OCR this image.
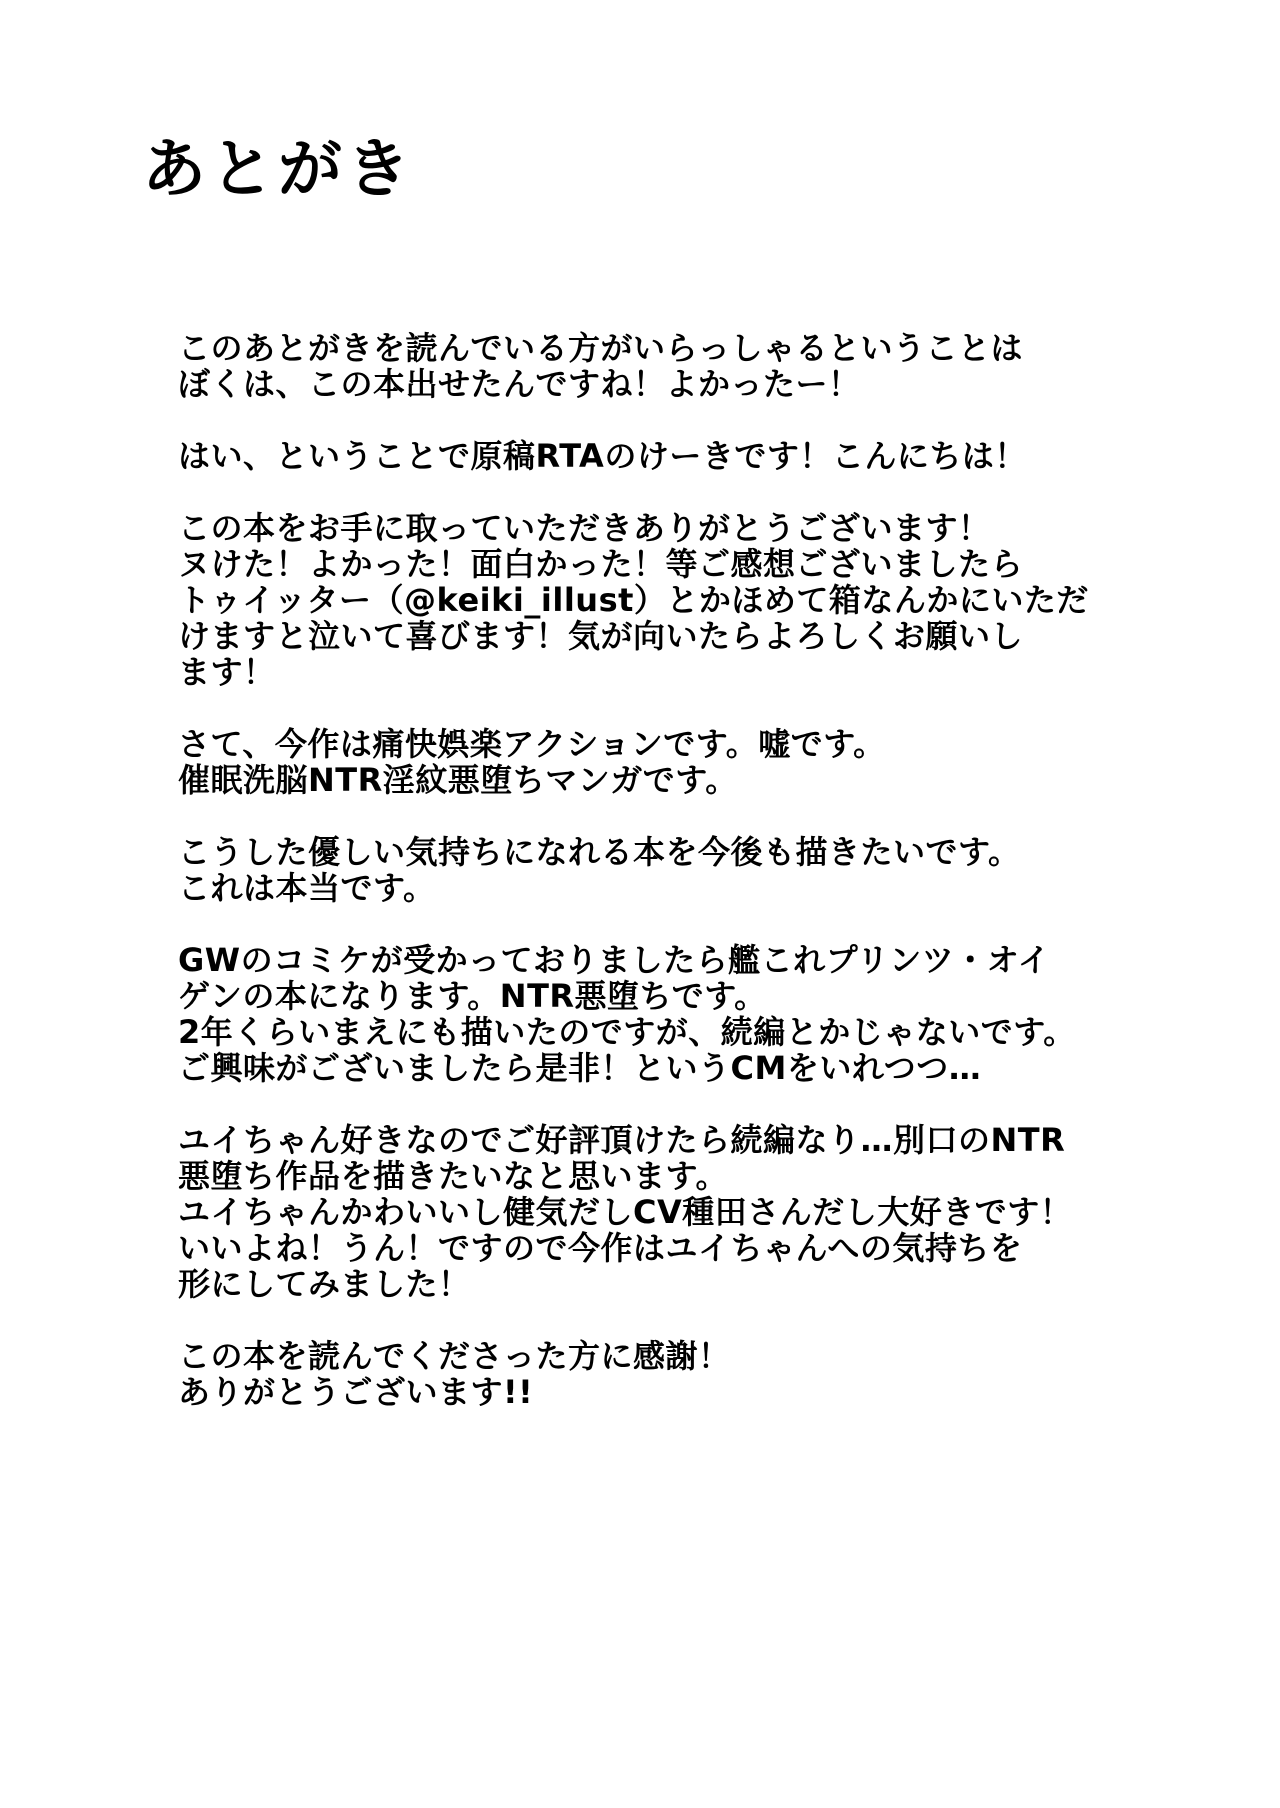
あとがき
このあとがきを読んでいる方がいらっしゃるということは
ぼくは、この本出せたんですね！よかったー！
はい、ということで原稿RTAのけーきです！こんにちは！
この本をお手に取っていただきありがとうございます！
ヌけた！よかった！面白かった！等ご感想ございましたら
トゥイッター（@keiki_illust）とかほめて箱なんかにいただ
けますと泣いて喜びます！気が向いたらよろしくお願いし
ます！
さて、今作は痛快娯楽アクションです。嘘です。
催眠洗脳NTR淫紋悪堕ちマンガです。
こうした優しい気持ちになれる本を今後も描きたいです。
これは本当です。
GWのコミケが受かっておりましたら艦これプリンツ・オイ
ゲンの本になります。NTR悪堕ちです。
2年くらいまえにも描いたのですが、続編とかじゃないです。
ご興味がございましたら是非！というCMをいれつつ…
ユイちゃん好きなのでご好評頂けたら続編なり…別口のNTR
悪堕ち作品を描きたいなと思います。
ユイちゃんかわいいし健気だしCV種田さんだし大好きです！
いいよね！うん！ですので今作はユイちゃんへの気持ちを
形にしてみました！
この本を読んでくださった方に感謝！
ありがとうございます!!
